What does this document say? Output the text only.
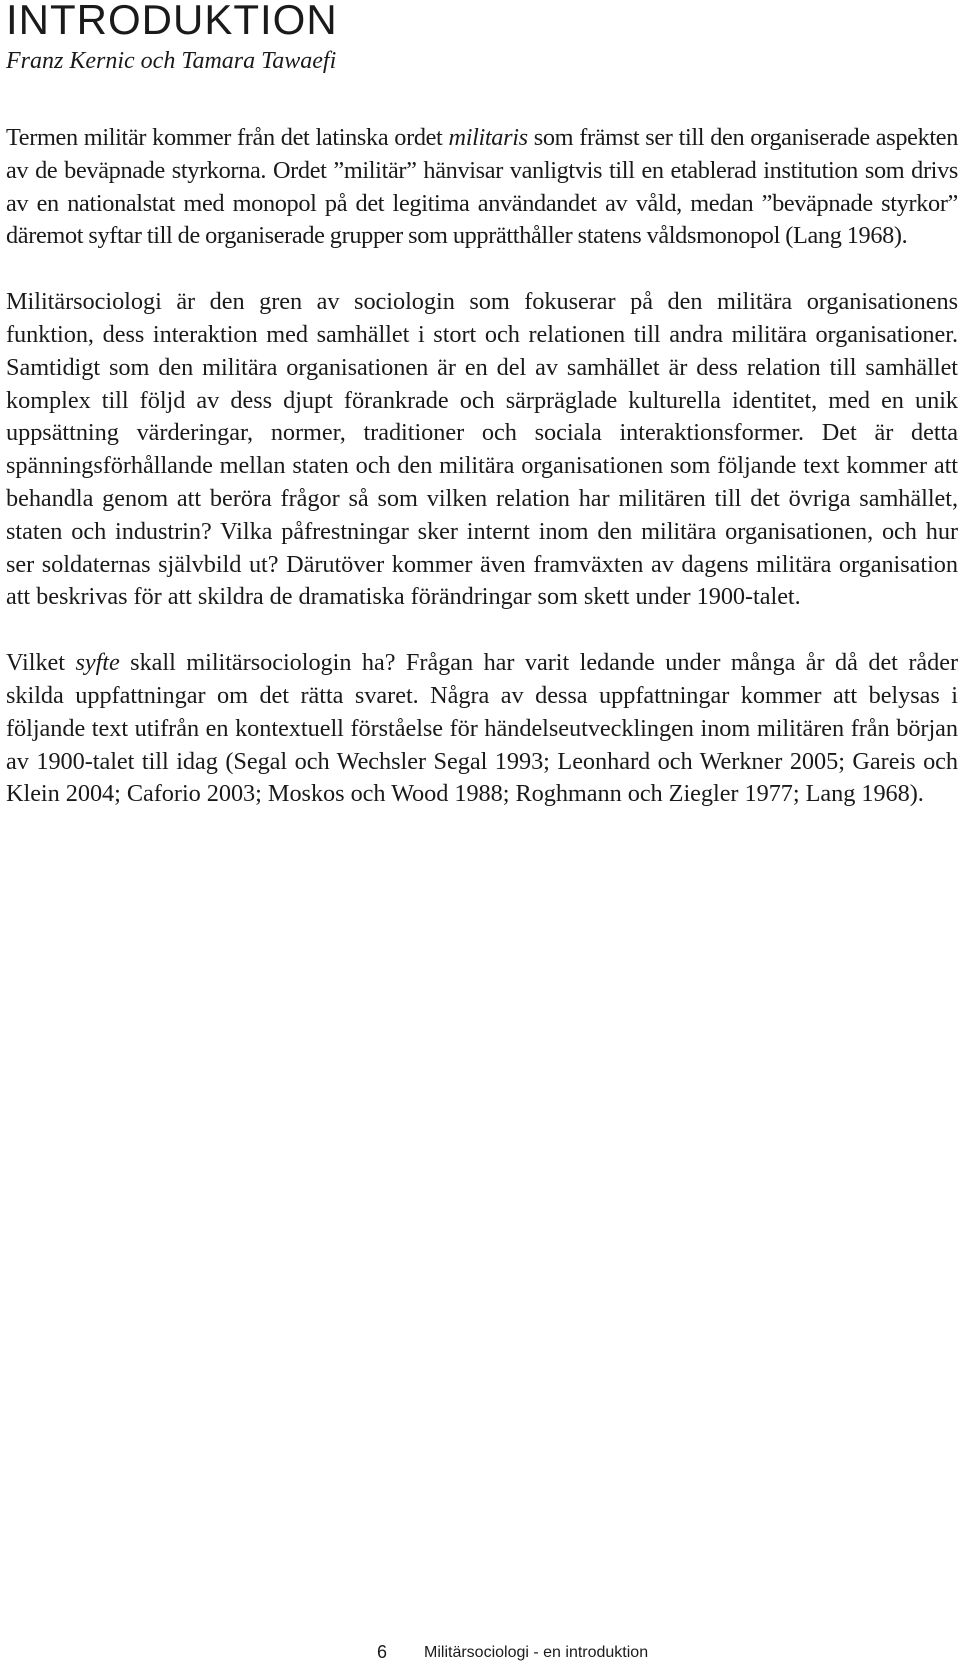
INTRODUKTION

Franz Kernic och Tamara Tawaefi

Termen militär kommer från det latinska ordet militaris som främst ser till den organiserade aspekten av de beväpnade styrkorna. Ordet ”militär” hänvisar vanligtvis till en etablerad institution som drivs av en nationalstat med monopol på det legitima användandet av våld, medan ”beväpnade styrkor” däremot syftar till de organiserade grupper som upprätthåller statens våldsmonopol (Lang 1968).

Militärsociologi är den gren av sociologin som fokuserar på den militära organisationens funktion, dess interaktion med samhället i stort och relationen till andra militära organisationer. Samtidigt som den militära organisationen är en del av samhället är dess relation till samhället komplex till följd av dess djupt förankrade och särpräglade kulturella identitet, med en unik uppsättning värderingar, normer, traditioner och sociala interaktionsformer. Det är detta spänningsförhållande mellan staten och den militära organisationen som följande text kommer att behandla genom att beröra frågor så som vilken relation har militären till det övriga samhället, staten och industrin? Vilka påfrestningar sker internt inom den militära organisationen, och hur ser soldaternas självbild ut? Därutöver kommer även framväxten av dagens militära organisation att beskrivas för att skildra de dramatiska förändringar som skett under 1900-talet.

Vilket syfte skall militärsociologin ha? Frågan har varit ledande under många år då det råder skilda uppfattningar om det rätta svaret. Några av dessa uppfattningar kommer att belysas i följande text utifrån en kontextuell förståelse för händelseutvecklingen inom militären från början av 1900-talet till idag (Segal och Wechsler Segal 1993; Leonhard och Werkner 2005; Gareis och Klein 2004; Caforio 2003; Moskos och Wood 1988; Roghmann och Ziegler 1977; Lang 1968).

6 Militärsociologi - en introduktion
